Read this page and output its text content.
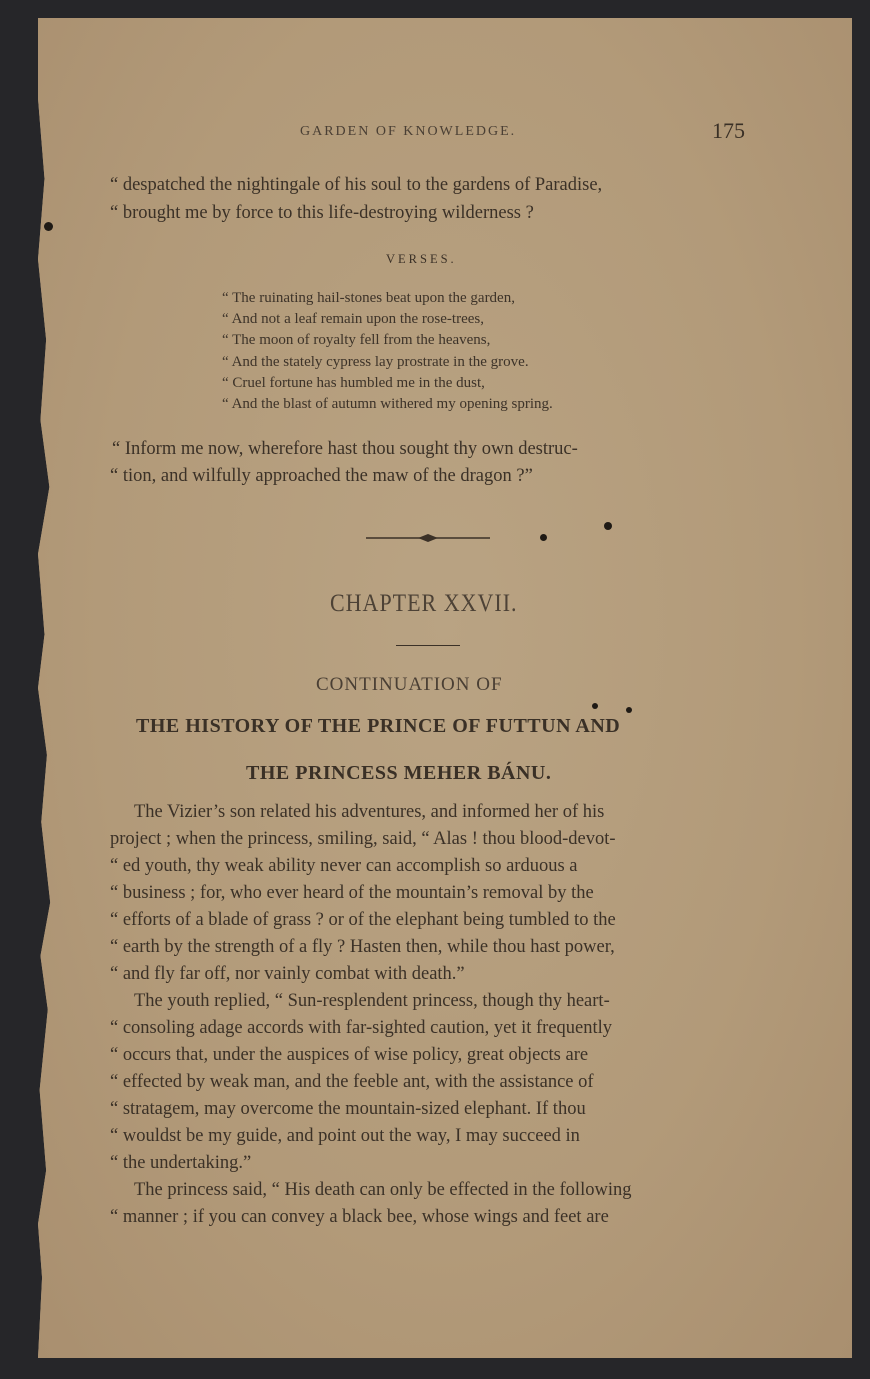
GARDEN OF KNOWLEDGE.	175
“ despatched the nightingale of his soul to the gardens of Paradise,
“ brought me by force to this life-destroying wilderness ?
VERSES.
“ The ruinating hail-stones beat upon the garden,
“ And not a leaf remain upon the rose-trees,
“ The moon of royalty fell from the heavens,
“ And the stately cypress lay prostrate in the grove.
“ Cruel fortune has humbled me in the dust,
“ And the blast of autumn withered my opening spring.
“ Inform me now, wherefore hast thou sought thy own destruc-
“ tion, and wilfully approached the maw of the dragon ?”
CHAPTER XXVII.
CONTINUATION OF
THE HISTORY OF THE PRINCE OF FUTTUN AND
THE PRINCESS MEHER BÁNU.
The Vizier’s son related his adventures, and informed her of his
project ; when the princess, smiling, said, “ Alas ! thou blood-devot-
“ ed youth, thy weak ability never can accomplish so arduous a
“ business ; for, who ever heard of the mountain’s removal by the
“ efforts of a blade of grass ? or of the elephant being tumbled to the
“ earth by the strength of a fly ? Hasten then, while thou hast power,
“ and fly far off, nor vainly combat with death.”
The youth replied, “ Sun-resplendent princess, though thy heart-
“ consoling adage accords with far-sighted caution, yet it frequently
“ occurs that, under the auspices of wise policy, great objects are
“ effected by weak man, and the feeble ant, with the assistance of
“ stratagem, may overcome the mountain-sized elephant. If thou
“ wouldst be my guide, and point out the way, I may succeed in
“ the undertaking.”
The princess said, “ His death can only be effected in the following
“ manner ; if you can convey a black bee, whose wings and feet are
